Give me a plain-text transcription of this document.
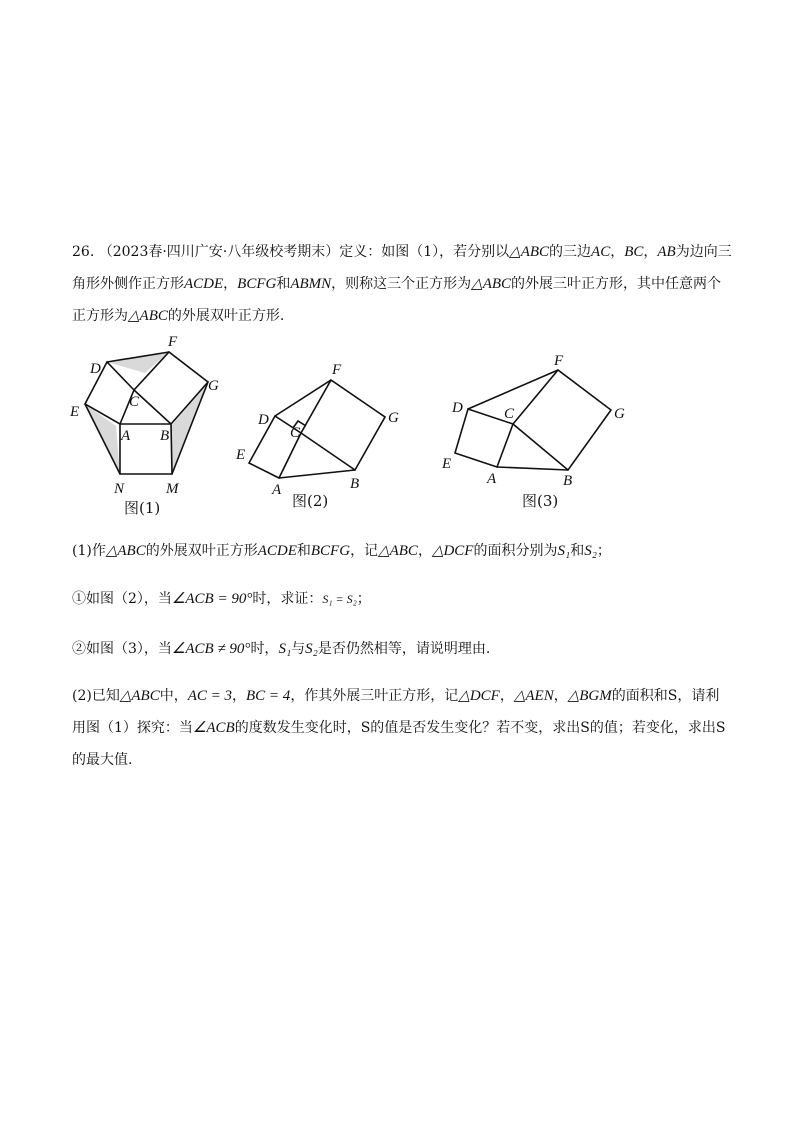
26. （2023春·四川广安·八年级校考期末）定义：如图（1），若分别以△ABC的三边AC，BC，AB为边向三角形外侧作正方形ACDE，BCFG和ABMN，则称这三个正方形为△ABC的外展三叶正方形，其中任意两个正方形为△ABC的外展双叶正方形.
D
F
G
E
C
A B
N	M
图(1)
D
F
G
E
C
A	B
图(2)
D
F
G
E
C
A	B
图(3)
(1)作△ABC的外展双叶正方形ACDE和BCFG，记△ABC，△DCF的面积分别为S₁和S₂；
①如图（2），当∠ACB = 90°时，求证：S₁ = S₂；
②如图（3），当∠ACB ≠ 90°时，S₁与S₂是否仍然相等，请说明理由.
(2)已知△ABC中，AC = 3，BC = 4，作其外展三叶正方形，记△DCF，△AEN，△BGM的面积和S，请利用图（1）探究：当∠ACB的度数发生变化时，S的值是否发生变化？若不变，求出S的值；若变化，求出S的最大值.
